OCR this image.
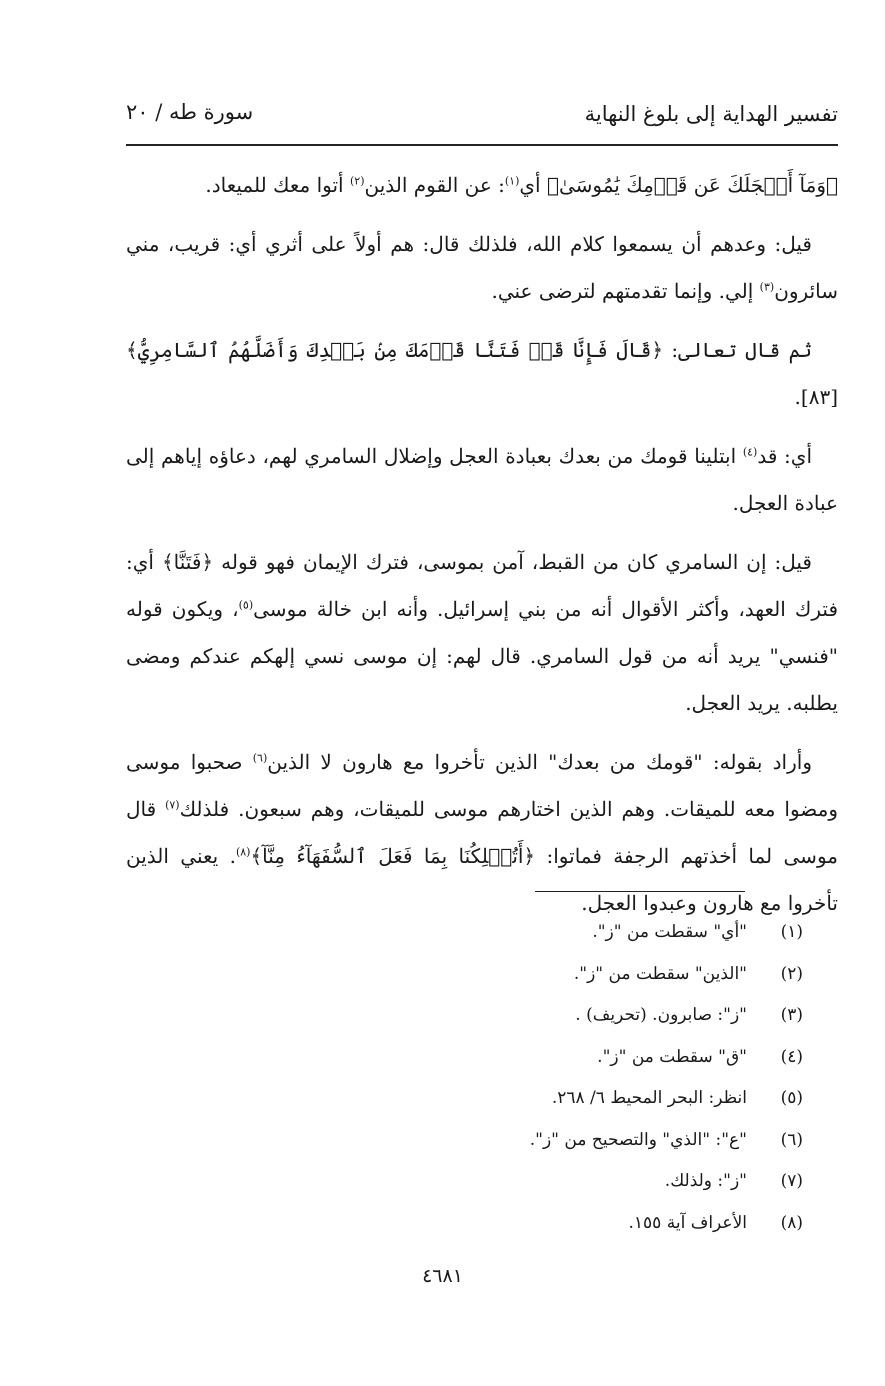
تفسير الهداية إلى بلوغ النهاية
سورة طه / ٢٠

﴿وَمَآ أَعۡجَلَكَ عَن قَوۡمِكَ يَٰمُوسَىٰ﴾ أي$^{(١)}$: عن القوم الذين$^{(٢)}$ أتوا معك للميعاد.

قيل: وعدهم أن يسمعوا كلام الله، فلذلك قال: هم أولاً على أثري أي: قريب، مني سائرون$^{(٣)}$ إلي. وإنما تقدمتهم لترضى عني.

ثم قال تعالى: ﴿قَالَ فَإِنَّا قَدۡ فَتَنَّا قَوۡمَكَ مِنۢ بَعۡدِكَ وَأَضَلَّهُمُ ٱلسَّامِرِيُّ﴾ [٨٣].

أي: قد$^{(٤)}$ ابتلينا قومك من بعدك بعبادة العجل وإضلال السامري لهم، دعاؤه إياهم إلى عبادة العجل.

قيل: إن السامري كان من القبط، آمن بموسى، فترك الإيمان فهو قوله ﴿فَتَنَّا﴾ أي: فترك العهد، وأكثر الأقوال أنه من بني إسرائيل. وأنه ابن خالة موسى$^{(٥)}$، ويكون قوله "فنسي" يريد أنه من قول السامري. قال لهم: إن موسى نسي إلهكم عندكم ومضى يطلبه. يريد العجل.

وأراد بقوله: "قومك من بعدك" الذين تأخروا مع هارون لا الذين$^{(٦)}$ صحبوا موسى ومضوا معه للميقات. وهم الذين اختارهم موسى للميقات، وهم سبعون. فلذلك$^{(٧)}$ قال موسى لما أخذتهم الرجفة فماتوا: ﴿أَتُهۡلِكُنَا بِمَا فَعَلَ ٱلسُّفَهَآءُ مِنَّآ﴾$^{(٨)}$. يعني الذين تأخروا مع هارون وعبدوا العجل.

(١)
"أي" سقطت من "ز".
(٢)
"الذين" سقطت من "ز".
(٣)
"ز": صابرون. (تحريف) .
(٤)
"ق" سقطت من "ز".
(٥)
انظر: البحر المحيط ٦/ ٢٦٨.
(٦)
"ع": "الذي" والتصحيح من "ز".
(٧)
"ز": ولذلك.
(٨)
الأعراف آية ١٥٥.
٤٦٨١
